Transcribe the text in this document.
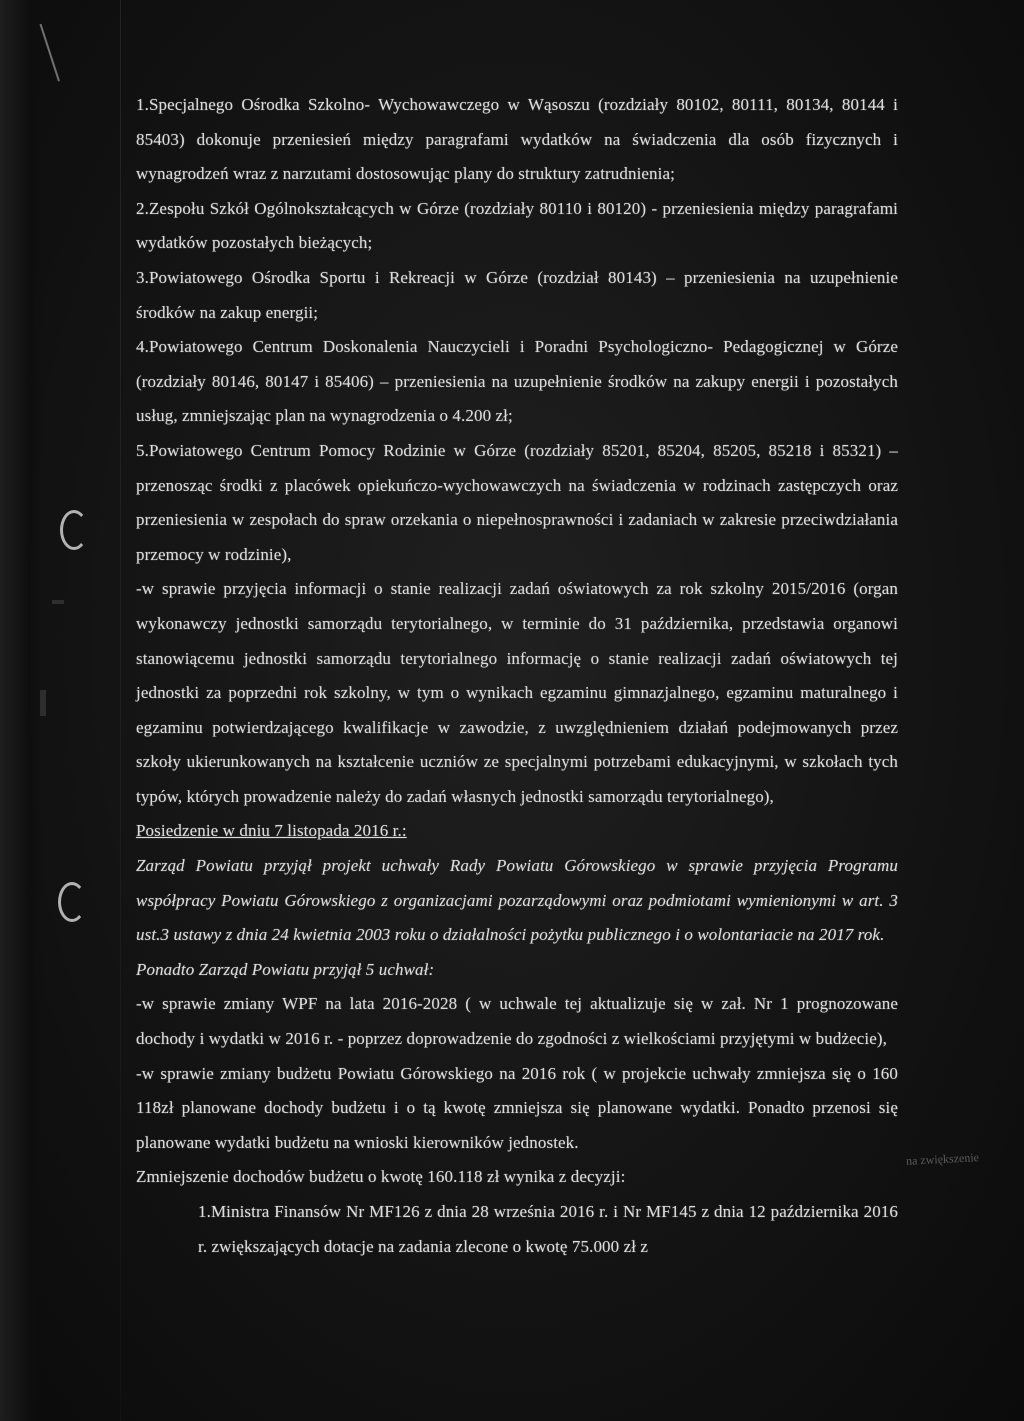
1.Specjalnego Ośrodka Szkolno- Wychowawczego w Wąsoszu (rozdziały 80102, 80111, 80134, 80144 i 85403) dokonuje przeniesień między paragrafami wydatków na świadczenia dla osób fizycznych i wynagrodzeń wraz z narzutami dostosowując plany do struktury zatrudnienia;

2.Zespołu Szkół Ogólnokształcących w Górze (rozdziały 80110 i 80120) - przeniesienia między paragrafami wydatków pozostałych bieżących;

3.Powiatowego Ośrodka Sportu i Rekreacji w Górze (rozdział 80143) – przeniesienia na uzupełnienie środków na zakup energii;

4.Powiatowego Centrum Doskonalenia Nauczycieli i Poradni Psychologiczno- Pedagogicznej w Górze (rozdziały 80146, 80147 i 85406) – przeniesienia na uzupełnienie środków na zakupy energii i pozostałych usług, zmniejszając plan na wynagrodzenia o 4.200 zł;

5.Powiatowego Centrum Pomocy Rodzinie w Górze (rozdziały 85201, 85204, 85205, 85218 i 85321) – przenosząc środki z placówek opiekuńczo-wychowawczych na świadczenia w rodzinach zastępczych oraz przeniesienia w zespołach do spraw orzekania o niepełnosprawności i zadaniach w zakresie przeciwdziałania przemocy w rodzinie),

-w sprawie przyjęcia informacji o stanie realizacji zadań oświatowych za rok szkolny 2015/2016 (organ wykonawczy jednostki samorządu terytorialnego, w terminie do 31 października, przedstawia organowi stanowiącemu jednostki samorządu terytorialnego informację o stanie realizacji zadań oświatowych tej jednostki za poprzedni rok szkolny, w tym o wynikach egzaminu gimnazjalnego, egzaminu maturalnego i egzaminu potwierdzającego kwalifikacje w zawodzie, z uwzględnieniem działań podejmowanych przez szkoły ukierunkowanych na kształcenie uczniów ze specjalnymi potrzebami edukacyjnymi, w szkołach tych typów, których prowadzenie należy do zadań własnych jednostki samorządu terytorialnego),

Posiedzenie w dniu 7 listopada 2016 r.:

Zarząd Powiatu przyjął projekt uchwały Rady Powiatu Górowskiego w sprawie przyjęcia Programu współpracy Powiatu Górowskiego z organizacjami pozarządowymi oraz podmiotami wymienionymi w art. 3 ust.3 ustawy z dnia 24 kwietnia 2003 roku o działalności pożytku publicznego i o wolontariacie na 2017 rok.

Ponadto Zarząd Powiatu przyjął 5 uchwał:

-w sprawie zmiany WPF na lata 2016-2028 ( w uchwale tej aktualizuje się w zał. Nr 1 prognozowane dochody i wydatki w 2016 r. - poprzez doprowadzenie do zgodności z wielkościami przyjętymi w budżecie),

-w sprawie zmiany budżetu Powiatu Górowskiego na 2016 rok ( w projekcie uchwały zmniejsza się o 160 118zł planowane dochody budżetu i o tą kwotę zmniejsza się planowane wydatki. Ponadto przenosi się planowane wydatki budżetu na wnioski kierowników jednostek.

Zmniejszenie dochodów budżetu o kwotę 160.118 zł wynika z decyzji:

1.Ministra Finansów Nr MF126 z dnia 28 września 2016 r. i Nr MF145 z dnia 12 października 2016 r. zwiększających dotacje na zadania zlecone o kwotę 75.000 zł z

na zwiększenie
